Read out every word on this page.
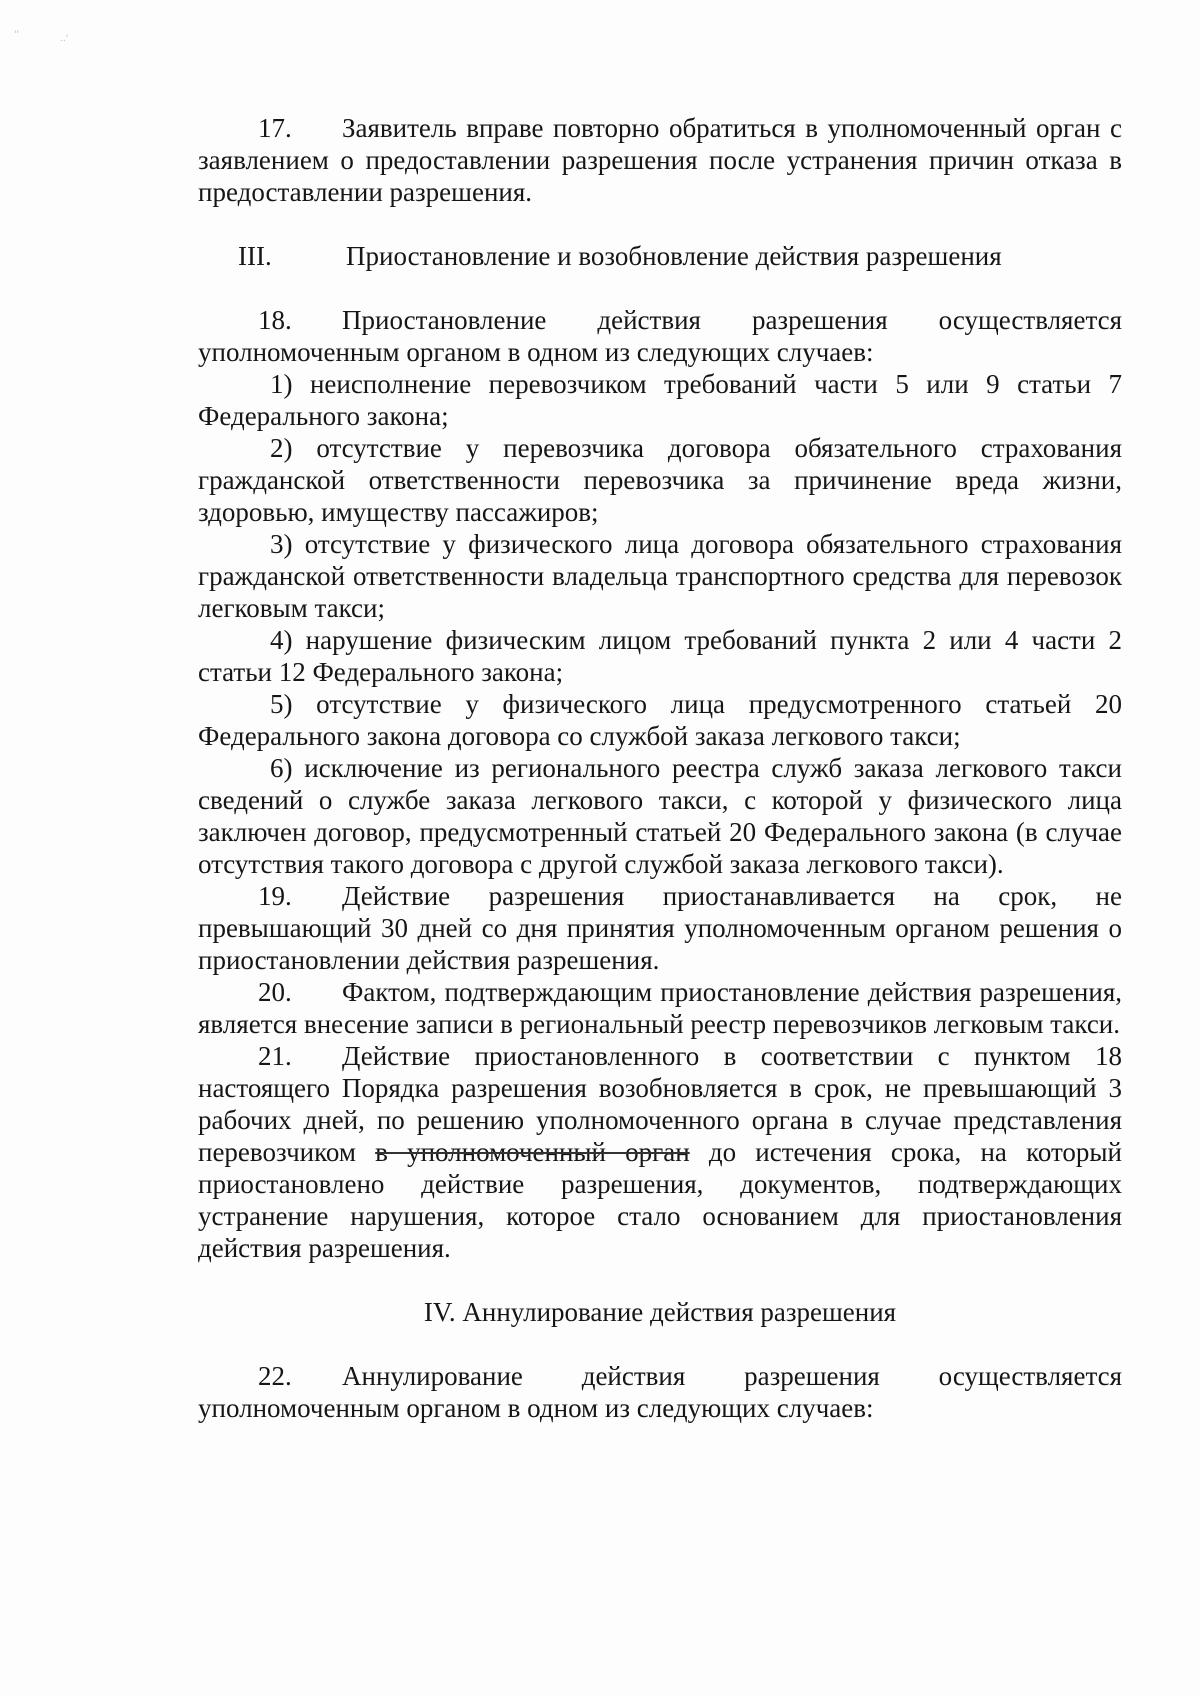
''	..'

17. Заявитель вправе повторно обратиться в уполномоченный орган с заявлением о предоставлении разрешения после устранения причин отказа в предоставлении разрешения.

III.	Приостановление и возобновление действия разрешения

18. Приостановление действия разрешения осуществляется уполномоченным органом в одном из следующих случаев:

1) неисполнение перевозчиком требований части 5 или 9 статьи 7 Федерального закона;

2) отсутствие у перевозчика договора обязательного страхования гражданской ответственности перевозчика за причинение вреда жизни, здоровью, имуществу пассажиров;

3) отсутствие у физического лица договора обязательного страхования гражданской ответственности владельца транспортного средства для перевозок легковым такси;

4) нарушение физическим лицом требований пункта 2 или 4 части 2 статьи 12 Федерального закона;

5) отсутствие у физического лица предусмотренного статьей 20 Федерального закона договора со службой заказа легкового такси;

6) исключение из регионального реестра служб заказа легкового такси сведений о службе заказа легкового такси, с которой у физического лица заключен договор, предусмотренный статьей 20 Федерального закона (в случае отсутствия такого договора с другой службой заказа легкового такси).

19. Действие разрешения приостанавливается на срок, не превышающий 30 дней со дня принятия уполномоченным органом решения о приостановлении действия разрешения.

20. Фактом, подтверждающим приостановление действия разрешения, является внесение записи в региональный реестр перевозчиков легковым такси.

21. Действие приостановленного в соответствии с пунктом 18 настоящего Порядка разрешения возобновляется в срок, не превышающий 3 рабочих дней, по решению уполномоченного органа в случае представления перевозчиком в уполномоченный орган до истечения срока, на который приостановлено действие разрешения, документов, подтверждающих устранение нарушения, которое стало основанием для приостановления действия разрешения.

IV. Аннулирование действия разрешения

22. Аннулирование действия разрешения осуществляется уполномоченным органом в одном из следующих случаев:
